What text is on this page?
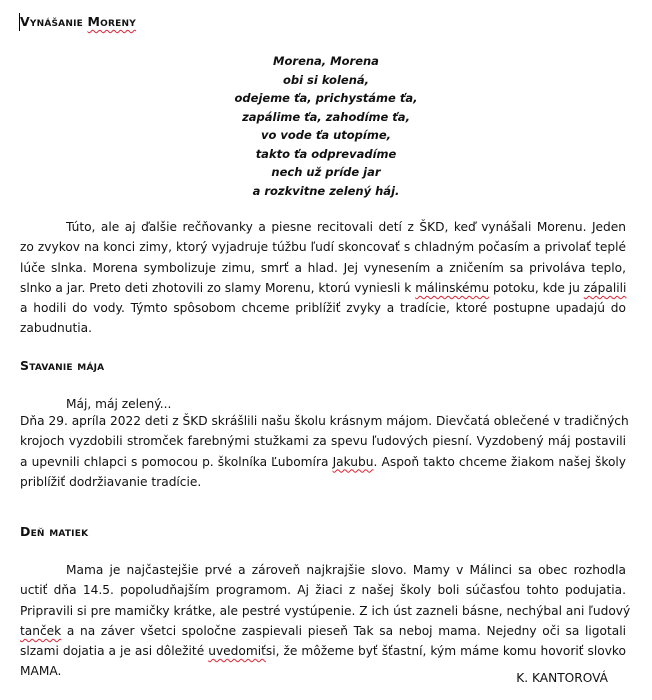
Vynášanie Moreny
Morena, Morena
obi si kolená,
odejeme ťa, prichystáme ťa,
zapálime ťa, zahodíme ťa,
vo vode ťa utopíme,
takto ťa odprevadíme
nech už príde jar
a rozkvitne zelený háj.
Túto, ale aj ďalšie rečňovanky a piesne recitovali detí z ŠKD, keď vynášali Morenu. Jeden
zo zvykov na konci zimy, ktorý vyjadruje túžbu ľudí skoncovať s chladným počasím a privolať teplé
lúče slnka. Morena symbolizuje zimu, smrť a hlad. Jej vynesením a zničením sa privoláva teplo,
slnko a jar. Preto deti zhotovili zo slamy Morenu, ktorú vyniesli k málinskému potoku, kde ju zápalili
a hodili do vody. Týmto spôsobom chceme priblížiť zvyky a tradície, ktoré postupne upadajú do
zabudnutia.
Stavanie mája
Máj, máj zelený...
Dňa 29. apríla 2022 deti z ŠKD skrášlili našu školu krásnym májom. Dievčatá oblečené v tradičných
krojoch vyzdobili stromček farebnými stužkami za spevu ľudových piesní. Vyzdobený máj postavili
a upevnili chlapci s pomocou p. školníka Ľubomíra Jakubu. Aspoň takto chceme žiakom našej školy
priblížiť dodržiavanie tradície.
Deň matiek
Mama je najčastejšie prvé a zároveň najkrajšie slovo. Mamy v Málinci sa obec rozhodla
uctiť dňa 14.5. popoludňajším programom. Aj žiaci z našej školy boli súčasťou tohto podujatia.
Pripravili si pre mamičky krátke, ale pestré vystúpenie. Z ich úst zazneli básne, nechýbal ani ľudový
tanček a na záver všetci spoločne zaspievali pieseň Tak sa neboj mama. Nejedny oči sa ligotali
slzami dojatia a je asi dôležité uvedomiťsi, že môžeme byť šťastní, kým máme komu hovoriť slovko
MAMA.	K. KANTOROVÁ
